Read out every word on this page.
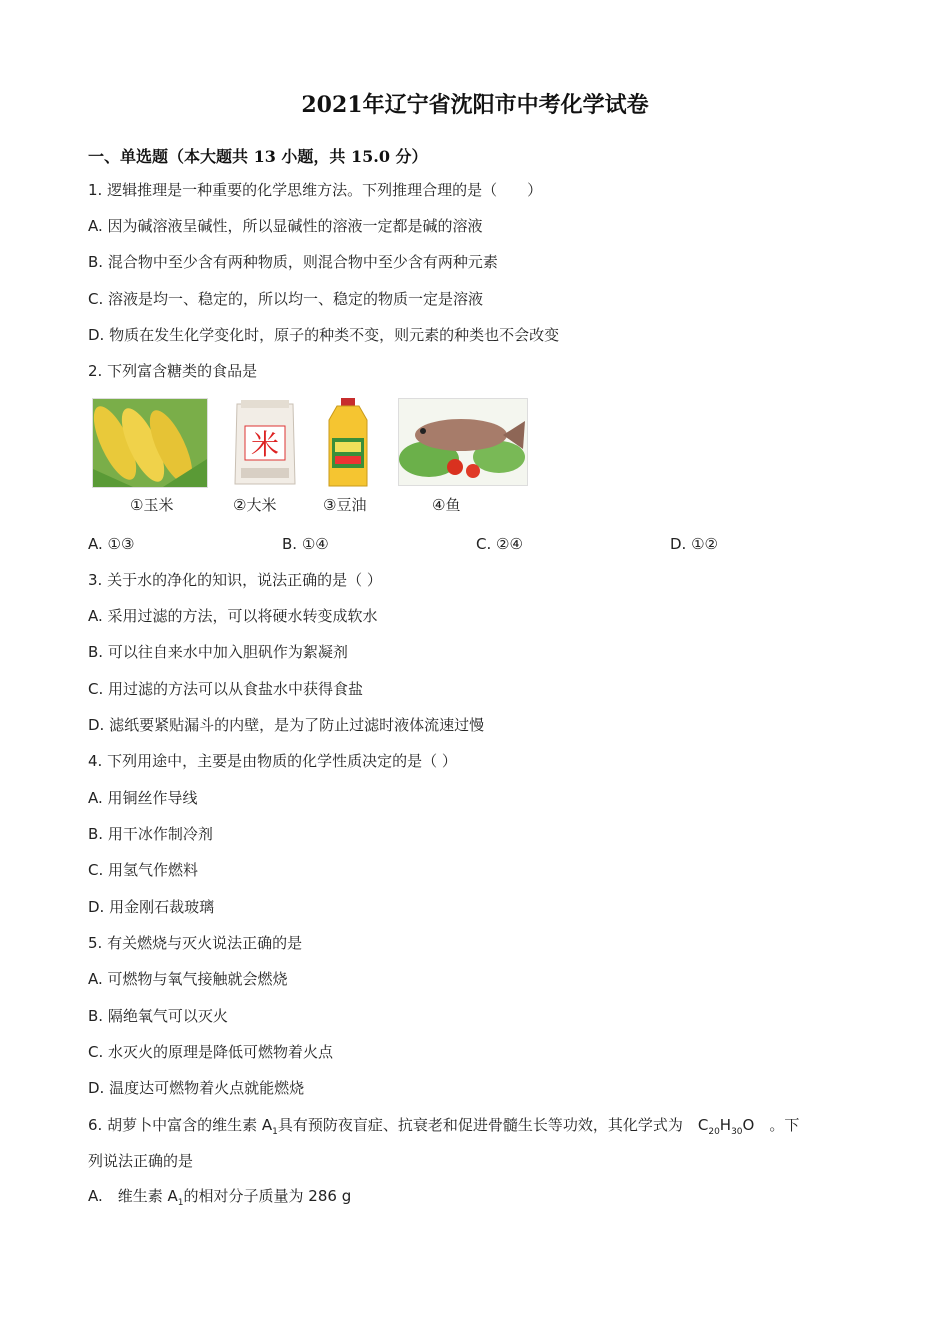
2021年辽宁省沈阳市中考化学试卷
一、单选题（本大题共 13 小题，共 15.0 分）
1. 逻辑推理是一种重要的化学思维方法。下列推理合理的是（　　）
A. 因为碱溶液呈碱性，所以显碱性的溶液一定都是碱的溶液
B. 混合物中至少含有两种物质，则混合物中至少含有两种元素
C. 溶液是均一、稳定的，所以均一、稳定的物质一定是溶液
D. 物质在发生化学变化时，原子的种类不变，则元素的种类也不会改变
2. 下列富含糖类的食品是
米
①玉米	②大米	③豆油	④鱼
A. ①③	B. ①④	C. ②④	D. ①②
3. 关于水的净化的知识，说法正确的是（ ）
A. 采用过滤的方法，可以将硬水转变成软水
B. 可以往自来水中加入胆矾作为絮凝剂
C. 用过滤的方法可以从食盐水中获得食盐
D. 滤纸要紧贴漏斗的内壁，是为了防止过滤时液体流速过慢
4. 下列用途中，主要是由物质的化学性质决定的是（ ）
A. 用铜丝作导线
B. 用干冰作制冷剂
C. 用氢气作燃料
D. 用金刚石裁玻璃
5. 有关燃烧与灭火说法正确的是
A. 可燃物与氧气接触就会燃烧
B. 隔绝氧气可以灭火
C. 水灭火的原理是降低可燃物着火点
D. 温度达可燃物着火点就能燃烧
6. 胡萝卜中富含的维生素 $A_1$具有预防夜盲症、抗衰老和促进骨髓生长等功效，其化学式为　$C_{20}H_{30}O$　。下
列说法正确的是
A.　维生素 $A_1$的相对分子质量为 286 g
